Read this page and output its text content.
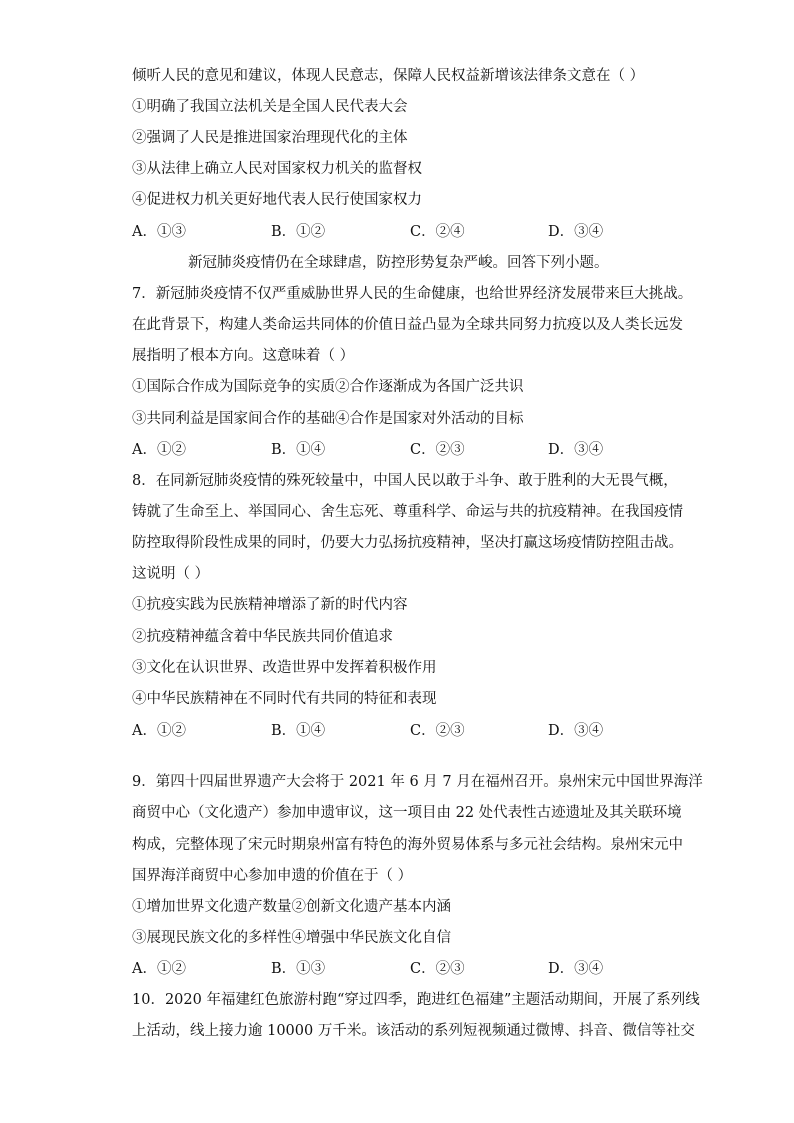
倾听人民的意见和建议，体现人民意志，保障人民权益新增该法律条文意在（ ）
①明确了我国立法机关是全国人民代表大会
②强调了人民是推进国家治理现代化的主体
③从法律上确立人民对国家权力机关的监督权
④促进权力机关更好地代表人民行使国家权力
A．①③	B．①②	C．②④	D．③④
新冠肺炎疫情仍在全球肆虐，防控形势复杂严峻。回答下列小题。
7．新冠肺炎疫情不仅严重威胁世界人民的生命健康，也给世界经济发展带来巨大挑战。
在此背景下，构建人类命运共同体的价值日益凸显为全球共同努力抗疫以及人类长远发
展指明了根本方向。这意味着（ ）
①国际合作成为国际竞争的实质②合作逐渐成为各国广泛共识
③共同利益是国家间合作的基础④合作是国家对外活动的目标
A．①②	B．①④	C．②③	D．③④
8．在同新冠肺炎疫情的殊死较量中，中国人民以敢于斗争、敢于胜利的大无畏气概，
铸就了生命至上、举国同心、舍生忘死、尊重科学、命运与共的抗疫精神。在我国疫情
防控取得阶段性成果的同时，仍要大力弘扬抗疫精神，坚决打赢这场疫情防控阻击战。
这说明（ ）
①抗疫实践为民族精神增添了新的时代内容
②抗疫精神蕴含着中华民族共同价值追求
③文化在认识世界、改造世界中发挥着积极作用
④中华民族精神在不同时代有共同的特征和表现
A．①②	B．①④	C．②③	D．③④
9．第四十四届世界遗产大会将于 2021 年 6 月 7 月在福州召开。泉州宋元中国世界海洋
商贸中心（文化遗产）参加申遗审议，这一项目由 22 处代表性古迹遗址及其关联环境
构成，完整体现了宋元时期泉州富有特色的海外贸易体系与多元社会结构。泉州宋元中
国界海洋商贸中心参加申遗的价值在于（ ）
①增加世界文化遗产数量②创新文化遗产基本内涵
③展现民族文化的多样性④增强中华民族文化自信
A．①②	B．①③	C．②③	D．③④
10．2020 年福建红色旅游村跑“穿过四季，跑进红色福建”主题活动期间，开展了系列线
上活动，线上接力逾 10000 万千米。该活动的系列短视频通过微博、抖音、微信等社交
